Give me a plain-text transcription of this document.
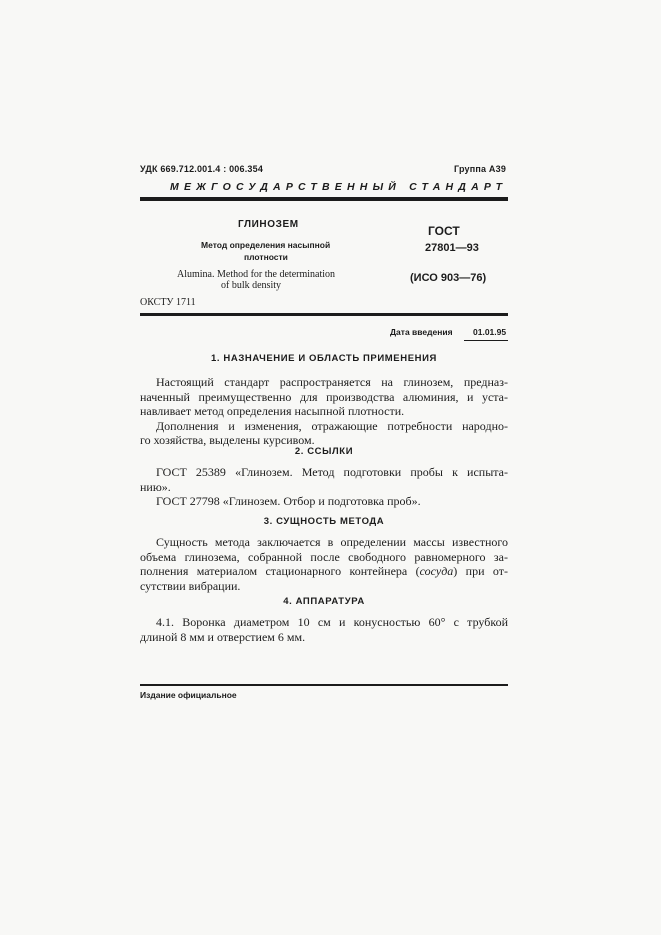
УДК 669.712.001.4 : 006.354	Группа А39
МЕЖГОСУДАРСТВЕННЫЙ СТАНДАРТ
ГЛИНОЗЕМ
Метод определения насыпной
плотности
Alumina. Method for the determination
of bulk density
ГОСТ
27801—93
(ИСО 903—76)
ОКСТУ 1711
Дата введения 01.01.95
1. НАЗНАЧЕНИЕ И ОБЛАСТЬ ПРИМЕНЕНИЯ
Настоящий стандарт распространяется на глинозем, предназ-
наченный преимущественно для производства алюминия, и уста-
навливает метод определения насыпной плотности.
Дополнения и изменения, отражающие потребности народно-
го хозяйства, выделены курсивом.
2. ССЫЛКИ
ГОСТ 25389 «Глинозем. Метод подготовки пробы к испыта-
нию».
ГОСТ 27798 «Глинозем. Отбор и подготовка проб».
3. СУЩНОСТЬ МЕТОДА
Сущность метода заключается в определении массы известного
объема глинозема, собранной после свободного равномерного за-
полнения материалом стационарного контейнера (сосуда) при от-
сутствии вибрации.
4. АППАРАТУРА
4.1. Воронка диаметром 10 см и конусностью 60° с трубкой
длиной 8 мм и отверстием 6 мм.
Издание официальное
